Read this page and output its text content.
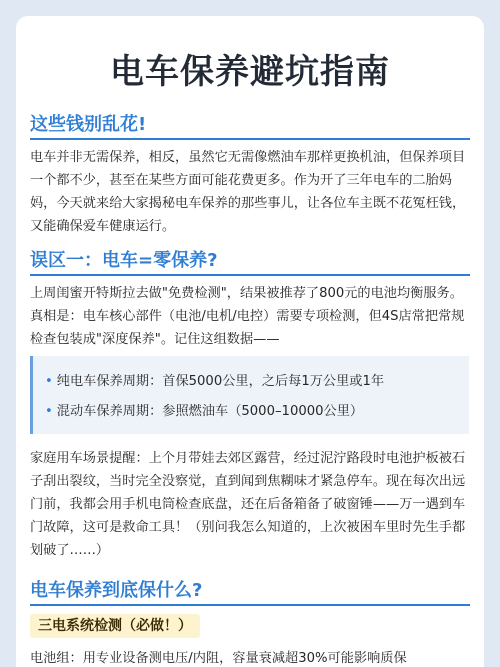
电车保养避坑指南
这些钱别乱花!

电车并非无需保养，相反，虽然它无需像燃油车那样更换机油，但保养项目一个都不少，甚至在某些方面可能花费更多。作为开了三年电车的二胎妈妈，今天就来给大家揭秘电车保养的那些事儿，让各位车主既不花冤枉钱，又能确保爱车健康运行。

误区一：电车=零保养?

上周闺蜜开特斯拉去做"免费检测"，结果被推荐了800元的电池均衡服务。真相是：电车核心部件（电池/电机/电控）需要专项检测，但4S店常把常规检查包装成"深度保养"。记住这组数据——

• 纯电车保养周期：首保5000公里，之后每1万公里或1年
• 混动车保养周期：参照燃油车（5000–10000公里）

家庭用车场景提醒：上个月带娃去郊区露营，经过泥泞路段时电池护板被石子刮出裂纹，当时完全没察觉，直到闻到焦糊味才紧急停车。现在每次出远门前，我都会用手机电筒检查底盘，还在后备箱备了破窗锤——万一遇到车门故障，这可是救命工具！（别问我怎么知道的，上次被困车里时先生手都划破了……）

电车保养到底保什么?
三电系统检测（必做！）

电池组：用专业设备测电压/内阻，容量衰减超30%可能影响质保
